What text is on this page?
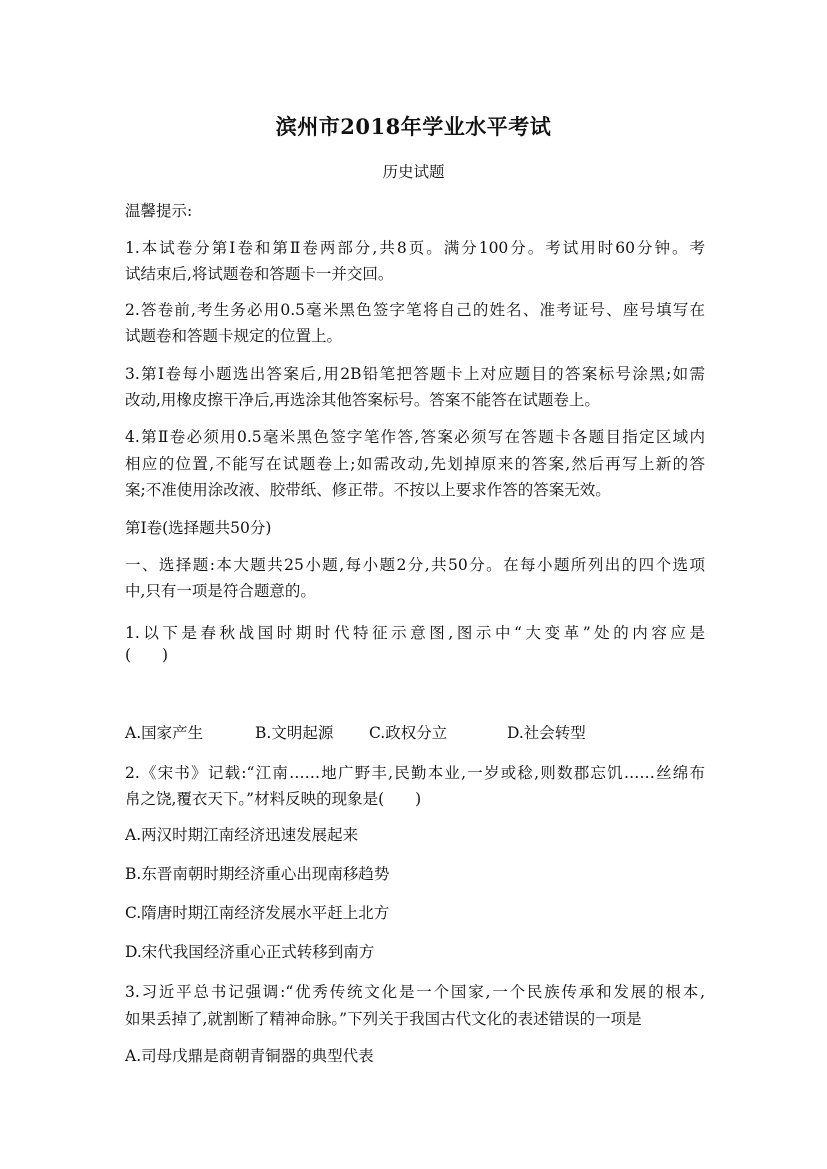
滨州市2018年学业水平考试
历史试题
温馨提示:
1.本试卷分第Ⅰ卷和第Ⅱ卷两部分,共8页。满分100分。考试用时60分钟。考
试结束后,将试题卷和答题卡一并交回。
2.答卷前,考生务必用0.5毫米黑色签字笔将自己的姓名、准考证号、座号填写在
试题卷和答题卡规定的位置上。
3.第Ⅰ卷每小题选出答案后,用2B铅笔把答题卡上对应题目的答案标号涂黑;如需
改动,用橡皮擦干净后,再选涂其他答案标号。答案不能答在试题卷上。
4.第Ⅱ卷必须用0.5毫米黑色签字笔作答,答案必须写在答题卡各题目指定区域内
相应的位置,不能写在试题卷上;如需改动,先划掉原来的答案,然后再写上新的答
案;不准使用涂改液、胶带纸、修正带。不按以上要求作答的答案无效。
第Ⅰ卷(选择题共50分)
一、选择题:本大题共25小题,每小题2分,共50分。在每小题所列出的四个选项
中,只有一项是符合题意的。
1.以下是春秋战国时期时代特征示意图,图示中“大变革”处的内容应是
(　　)
A.国家产生	B.文明起源 C.政权分立	D.社会转型
2.《宋书》记载:“江南……地广野丰,民勤本业,一岁或稔,则数郡忘饥……丝绵布
帛之饶,覆衣天下。”材料反映的现象是(　　)
A.两汉时期江南经济迅速发展起来
B.东晋南朝时期经济重心出现南移趋势
C.隋唐时期江南经济发展水平赶上北方
D.宋代我国经济重心正式转移到南方
3.习近平总书记强调:“优秀传统文化是一个国家,一个民族传承和发展的根本,
如果丢掉了,就割断了精神命脉。”下列关于我国古代文化的表述错误的一项是
A.司母戊鼎是商朝青铜器的典型代表
